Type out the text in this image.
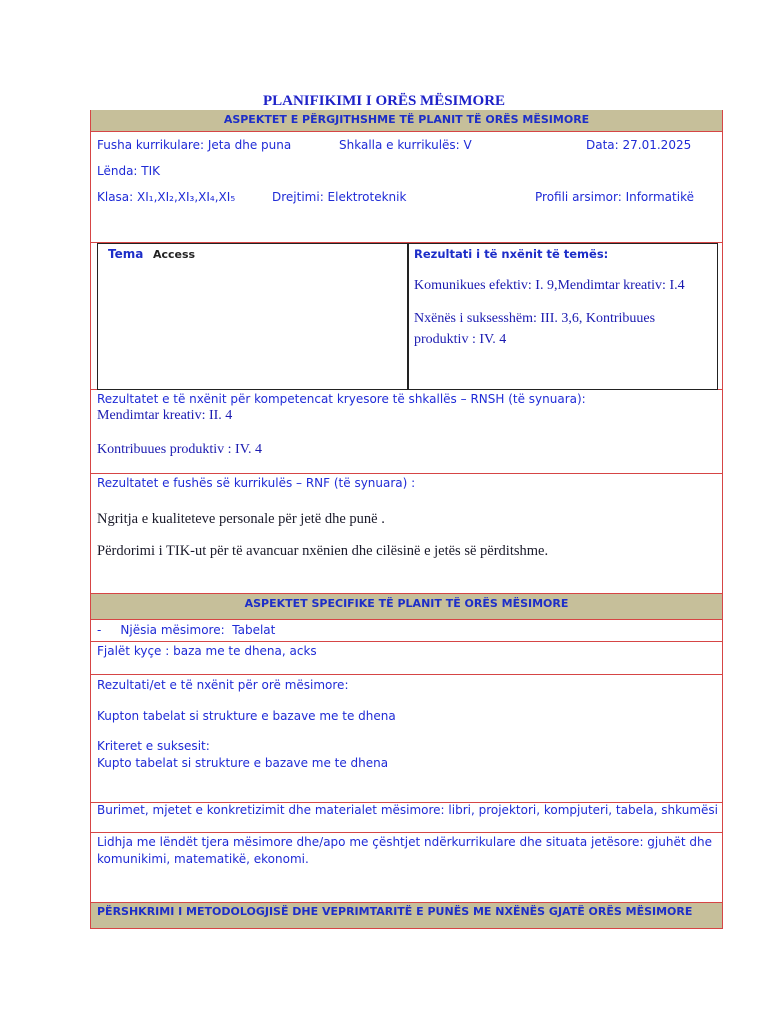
PLANIFIKIMI I ORËS MËSIMORE
ASPEKTET E PËRGJITHSHME TË PLANIT TË ORËS MËSIMORE
Fusha kurrikulare: Jeta dhe puna	Shkalla e kurrikulës: V	Data: 27.01.2025
Lënda: TIK
Klasa: XI₁,XI₂,XI₃,XI₄,XI₅	Drejtimi: Elektroteknik	Profili arsimor: Informatikë
Tema Access	Rezultati i të nxënit të temës:
Komunikues efektiv: I. 9,Mendimtar kreativ: I.4
Nxënës i suksesshëm: III. 3,6, Kontribuues
produktiv : IV. 4
Rezultatet e të nxënit për kompetencat kryesore të shkallës – RNSH (të synuara):
Mendimtar kreativ: II. 4
Kontribuues produktiv : IV. 4
Rezultatet e fushës së kurrikulës – RNF (të synuara) :
Ngritja e kualiteteve personale për jetë dhe punë .
Përdorimi i TIK-ut për të avancuar nxënien dhe cilësinë e jetës së përditshme.
ASPEKTET SPECIFIKE TË PLANIT TË ORËS MËSIMORE
-     Njësia mësimore:  Tabelat
Fjalët kyçe : baza me te dhena, acks
Rezultati/et e të nxënit për orë mësimore:
Kupton tabelat si strukture e bazave me te dhena
Kriteret e suksesit:
Kupto tabelat si strukture e bazave me te dhena
Burimet, mjetet e konkretizimit dhe materialet mësimore: libri, projektori, kompjuteri, tabela, shkumësi
Lidhja me lëndët tjera mësimore dhe/apo me çështjet ndërkurrikulare dhe situata jetësore: gjuhët dhe
komunikimi, matematikë, ekonomi.
PËRSHKRIMI I METODOLOGJISË DHE VEPRIMTARITË E PUNËS ME NXËNËS GJATË ORËS MËSIMORE
